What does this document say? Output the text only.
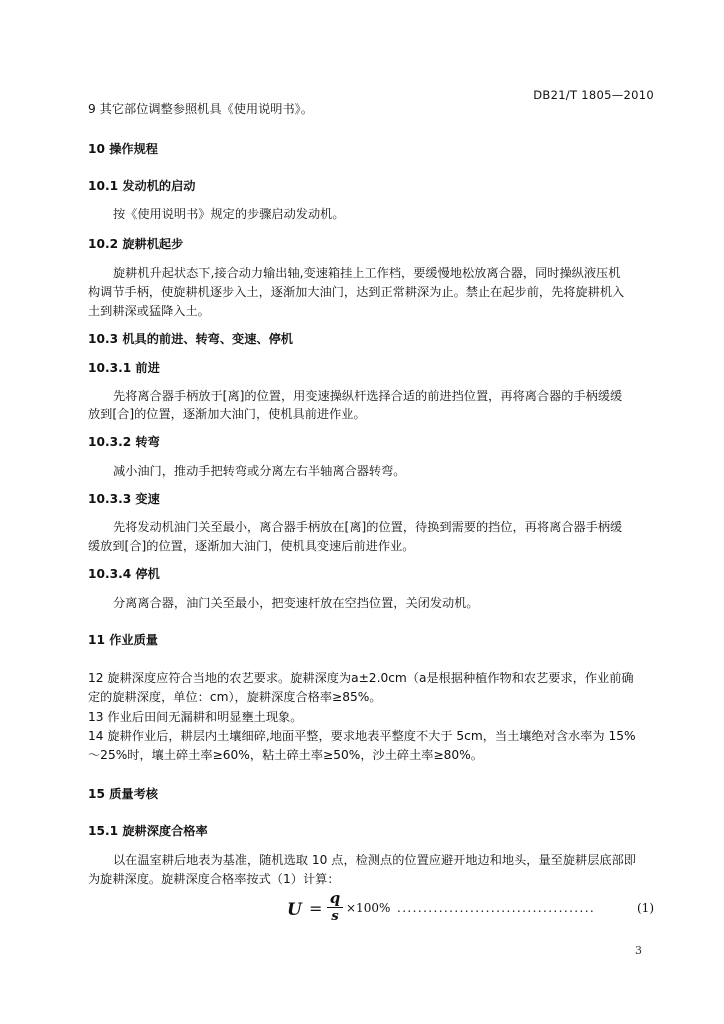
DB21/T 1805—2010
9 其它部位调整参照机具《使用说明书》。
10 操作规程
10.1 发动机的启动
按《使用说明书》规定的步骤启动发动机。
10.2 旋耕机起步
旋耕机升起状态下,接合动力输出轴,变速箱挂上工作档，要缓慢地松放离合器，同时操纵液压机
构调节手柄，使旋耕机逐步入土，逐渐加大油门，达到正常耕深为止。禁止在起步前，先将旋耕机入
土到耕深或猛降入土。
10.3 机具的前进、转弯、变速、停机
10.3.1 前进
先将离合器手柄放于[离]的位置，用变速操纵杆选择合适的前进挡位置，再将离合器的手柄缓缓
放到[合]的位置，逐渐加大油门，使机具前进作业。
10.3.2 转弯
减小油门，推动手把转弯或分离左右半轴离合器转弯。
10.3.3 变速
先将发动机油门关至最小，离合器手柄放在[离]的位置，待换到需要的挡位，再将离合器手柄缓
缓放到[合]的位置，逐渐加大油门，使机具变速后前进作业。
10.3.4 停机
分离离合器，油门关至最小，把变速杆放在空挡位置，关闭发动机。
11 作业质量
12 旋耕深度应符合当地的农艺要求。旋耕深度为a±2.0cm（a是根据种植作物和农艺要求，作业前确
定的旋耕深度，单位：cm），旋耕深度合格率≥85%。
13 作业后田间无漏耕和明显壅土现象。
14 旋耕作业后，耕层内土壤细碎,地面平整，要求地表平整度不大于 5cm，当土壤绝对含水率为 15%
～25%时，壤土碎土率≥60%，粘土碎土率≥50%，沙土碎土率≥80%。
15 质量考核
15.1 旋耕深度合格率
以在温室耕后地表为基准，随机选取 10 点，检测点的位置应避开地边和地头，量至旋耕层底部即
为旋耕深度。旋耕深度合格率按式（1）计算：
U =
q
s
×100% ......................................	(1)
3
